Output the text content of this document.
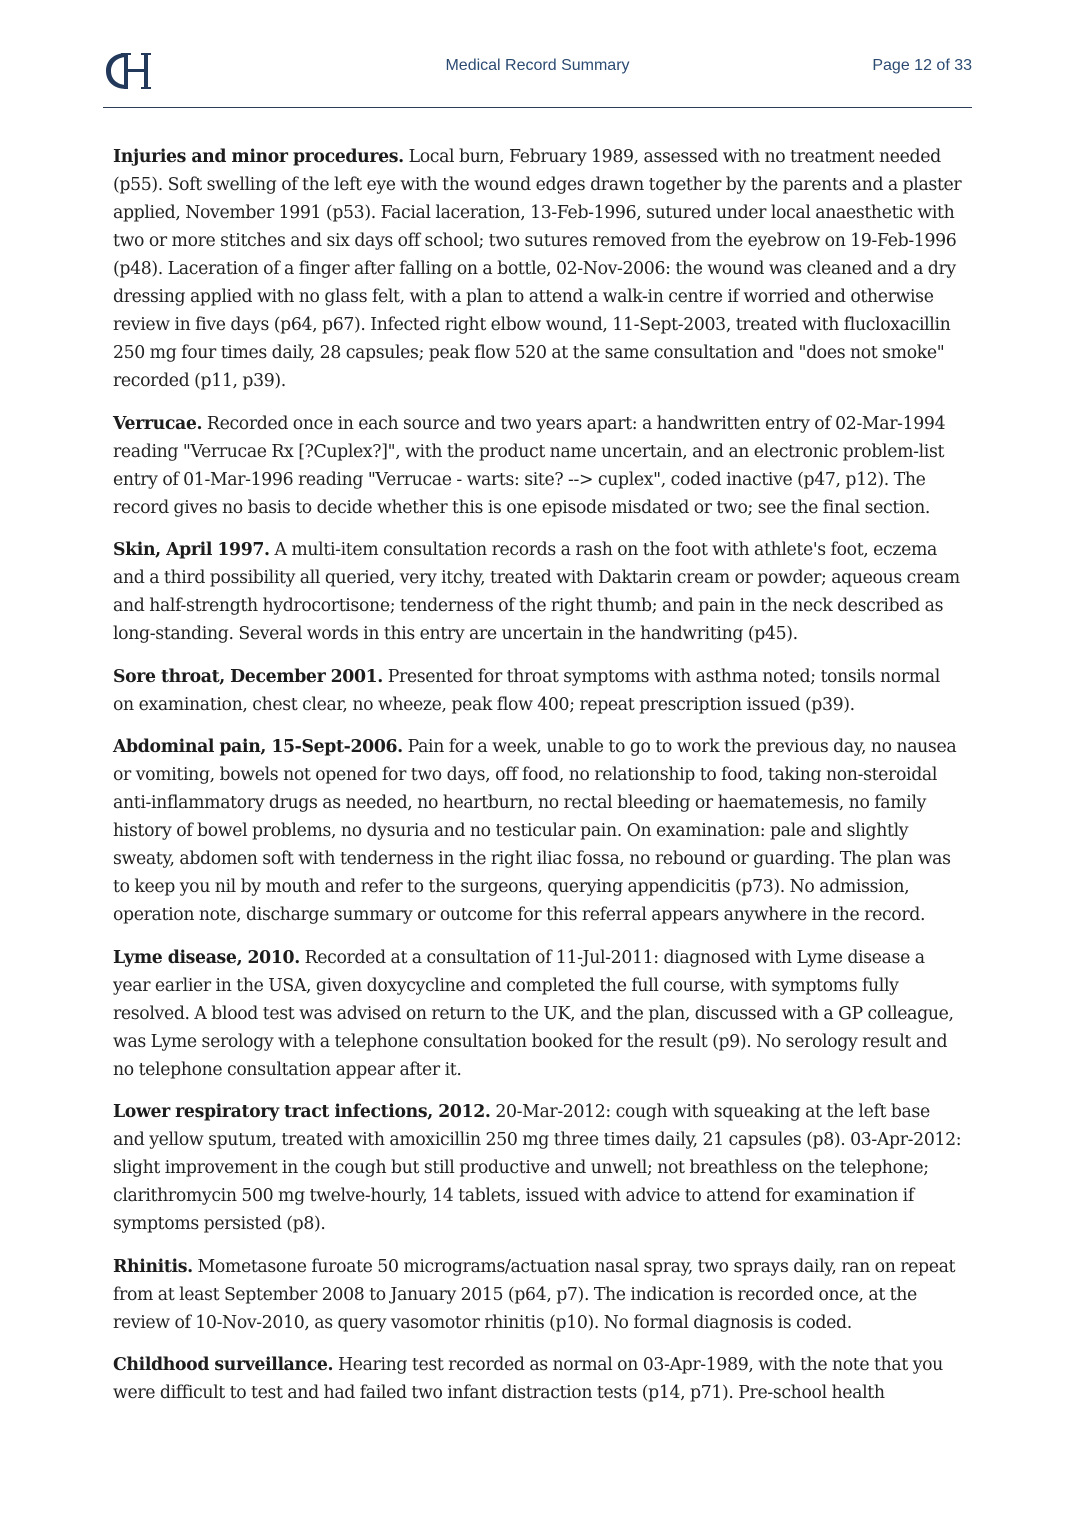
Medical Record Summary	Page 12 of 33

Injuries and minor procedures. Local burn, February 1989, assessed with no treatment needed (p55). Soft swelling of the left eye with the wound edges drawn together by the parents and a plaster applied, November 1991 (p53). Facial laceration, 13-Feb-1996, sutured under local anaesthetic with two or more stitches and six days off school; two sutures removed from the eyebrow on 19-Feb-1996 (p48). Laceration of a finger after falling on a bottle, 02-Nov-2006: the wound was cleaned and a dry dressing applied with no glass felt, with a plan to attend a walk-in centre if worried and otherwise review in five days (p64, p67). Infected right elbow wound, 11-Sept-2003, treated with flucloxacillin 250 mg four times daily, 28 capsules; peak flow 520 at the same consultation and "does not smoke" recorded (p11, p39).

Verrucae. Recorded once in each source and two years apart: a handwritten entry of 02-Mar-1994 reading "Verrucae Rx [?Cuplex?]", with the product name uncertain, and an electronic problem-list entry of 01-Mar-1996 reading "Verrucae - warts: site? --> cuplex", coded inactive (p47, p12). The record gives no basis to decide whether this is one episode misdated or two; see the final section.

Skin, April 1997. A multi-item consultation records a rash on the foot with athlete's foot, eczema and a third possibility all queried, very itchy, treated with Daktarin cream or powder; aqueous cream and half-strength hydrocortisone; tenderness of the right thumb; and pain in the neck described as long-standing. Several words in this entry are uncertain in the handwriting (p45).

Sore throat, December 2001. Presented for throat symptoms with asthma noted; tonsils normal on examination, chest clear, no wheeze, peak flow 400; repeat prescription issued (p39).

Abdominal pain, 15-Sept-2006. Pain for a week, unable to go to work the previous day, no nausea or vomiting, bowels not opened for two days, off food, no relationship to food, taking non-steroidal anti-inflammatory drugs as needed, no heartburn, no rectal bleeding or haematemesis, no family history of bowel problems, no dysuria and no testicular pain. On examination: pale and slightly sweaty, abdomen soft with tenderness in the right iliac fossa, no rebound or guarding. The plan was to keep you nil by mouth and refer to the surgeons, querying appendicitis (p73). No admission, operation note, discharge summary or outcome for this referral appears anywhere in the record.

Lyme disease, 2010. Recorded at a consultation of 11-Jul-2011: diagnosed with Lyme disease a year earlier in the USA, given doxycycline and completed the full course, with symptoms fully resolved. A blood test was advised on return to the UK, and the plan, discussed with a GP colleague, was Lyme serology with a telephone consultation booked for the result (p9). No serology result and no telephone consultation appear after it.

Lower respiratory tract infections, 2012. 20-Mar-2012: cough with squeaking at the left base and yellow sputum, treated with amoxicillin 250 mg three times daily, 21 capsules (p8). 03-Apr-2012: slight improvement in the cough but still productive and unwell; not breathless on the telephone; clarithromycin 500 mg twelve-hourly, 14 tablets, issued with advice to attend for examination if symptoms persisted (p8).

Rhinitis. Mometasone furoate 50 micrograms/actuation nasal spray, two sprays daily, ran on repeat from at least September 2008 to January 2015 (p64, p7). The indication is recorded once, at the review of 10-Nov-2010, as query vasomotor rhinitis (p10). No formal diagnosis is coded.

Childhood surveillance. Hearing test recorded as normal on 03-Apr-1989, with the note that you were difficult to test and had failed two infant distraction tests (p14, p71). Pre-school health
